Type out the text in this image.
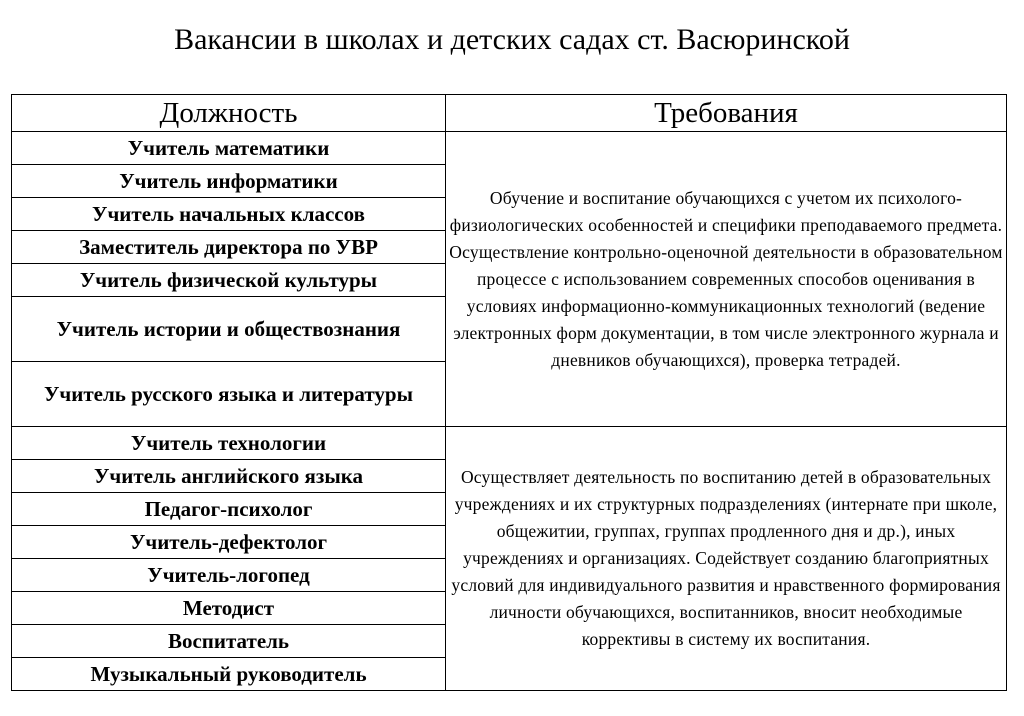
Вакансии в школах и детских садах ст. Васюринской
Должность	Требования
Учитель математики	Обучение и воспитание обучающихся с учетом их психолого-физиологических особенностей и специфики преподаваемого предмета. Осуществление контрольно-оценочной деятельности в образовательном процессе с использованием современных способов оценивания в условиях информационно-коммуникационных технологий (ведение электронных форм документации, в том числе электронного журнала и дневников обучающихся), проверка тетрадей.
Учитель информатики	
Учитель начальных классов	
Заместитель директора по УВР	
Учитель физической культуры	
Учитель истории и обществознания	
Учитель русского языка и литературы	
Учитель технологии	Осуществляет деятельность по воспитанию детей в образовательных учреждениях и их структурных подразделениях (интернате при школе, общежитии, группах, группах продленного дня и др.), иных учреждениях и организациях. Содействует созданию благоприятных условий для индивидуального развития и нравственного формирования личности обучающихся, воспитанников, вносит необходимые коррективы в систему их воспитания.
Учитель английского языка	
Педагог-психолог	
Учитель-дефектолог	
Учитель-логопед	
Методист	
Воспитатель	
Музыкальный руководитель	
